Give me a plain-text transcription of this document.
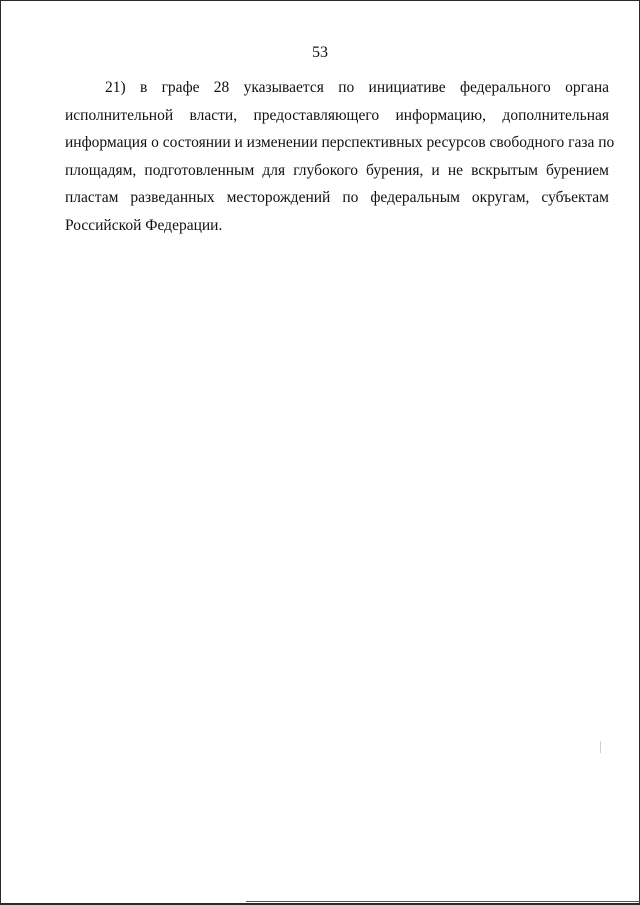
53

21) в графе 28 указывается по инициативе федерального органа
исполнительной власти, предоставляющего информацию, дополнительная
информация о состоянии и изменении перспективных ресурсов свободного газа по
площадям, подготовленным для глубокого бурения, и не вскрытым бурением
пластам разведанных месторождений по федеральным округам, субъектам
Российской Федерации.
